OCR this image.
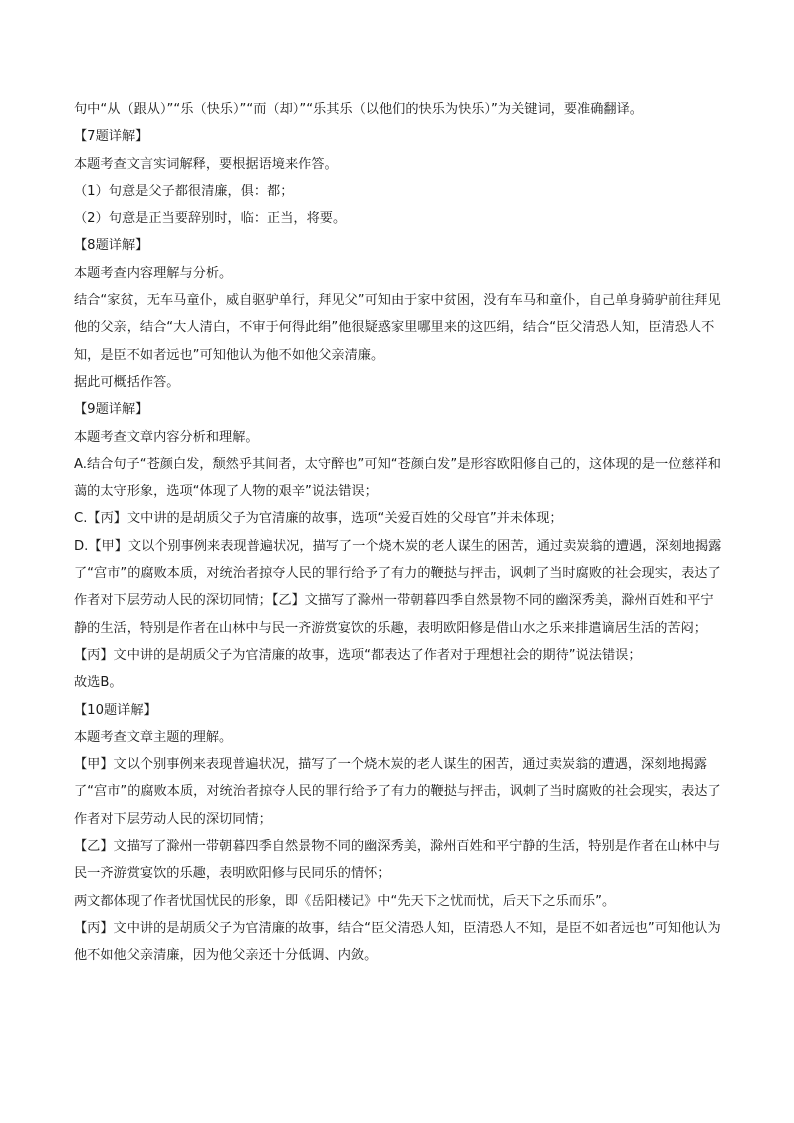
句中“从（跟从）”“乐（快乐）”“而（却）”“乐其乐（以他们的快乐为快乐）”为关键词，要准确翻译。

【7题详解】

本题考查文言实词解释，要根据语境来作答。

（1）句意是父子都很清廉，俱：都；

（2）句意是正当要辞别时，临：正当，将要。

【8题详解】

本题考查内容理解与分析。

结合“家贫，无车马童仆，威自驱驴单行，拜见父”可知由于家中贫困，没有车马和童仆，自己单身骑驴前往拜见他的父亲，结合“大人清白，不审于何得此绢”他很疑惑家里哪里来的这匹绢，结合“臣父清恐人知，臣清恐人不知，是臣不如者远也”可知他认为他不如他父亲清廉。

据此可概括作答。

【9题详解】

本题考查文章内容分析和理解。

A.结合句子“苍颜白发，颓然乎其间者，太守醉也”可知“苍颜白发”是形容欧阳修自己的，这体现的是一位慈祥和蔼的太守形象，选项“体现了人物的艰辛”说法错误；

C.【丙】文中讲的是胡质父子为官清廉的故事，选项“关爱百姓的父母官”并未体现；

D.【甲】文以个别事例来表现普遍状况，描写了一个烧木炭的老人谋生的困苦，通过卖炭翁的遭遇，深刻地揭露了“宫市”的腐败本质，对统治者掠夺人民的罪行给予了有力的鞭挞与抨击，讽刺了当时腐败的社会现实，表达了作者对下层劳动人民的深切同情；【乙】文描写了滁州一带朝暮四季自然景物不同的幽深秀美，滁州百姓和平宁静的生活，特别是作者在山林中与民一齐游赏宴饮的乐趣，表明欧阳修是借山水之乐来排遣谪居生活的苦闷；【丙】文中讲的是胡质父子为官清廉的故事，选项“都表达了作者对于理想社会的期待”说法错误；

故选B。

【10题详解】

本题考查文章主题的理解。

【甲】文以个别事例来表现普遍状况，描写了一个烧木炭的老人谋生的困苦，通过卖炭翁的遭遇，深刻地揭露了“宫市”的腐败本质，对统治者掠夺人民的罪行给予了有力的鞭挞与抨击，讽刺了当时腐败的社会现实，表达了作者对下层劳动人民的深切同情；

【乙】文描写了滁州一带朝暮四季自然景物不同的幽深秀美，滁州百姓和平宁静的生活，特别是作者在山林中与民一齐游赏宴饮的乐趣，表明欧阳修与民同乐的情怀；

两文都体现了作者忧国忧民的形象，即《岳阳楼记》中“先天下之忧而忧，后天下之乐而乐”。

【丙】文中讲的是胡质父子为官清廉的故事，结合“臣父清恐人知，臣清恐人不知，是臣不如者远也”可知他认为他不如他父亲清廉，因为他父亲还十分低调、内敛。
